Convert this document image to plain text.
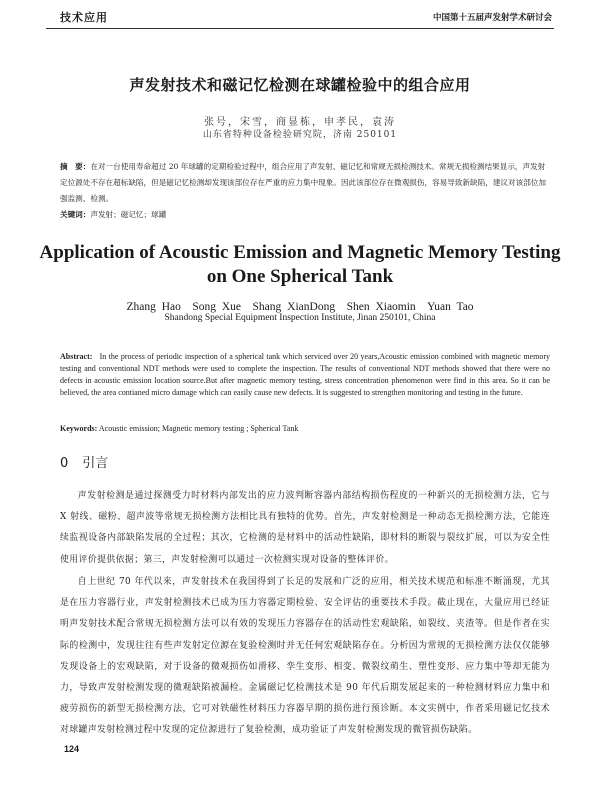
技术应用	中国第十五届声发射学术研讨会
声发射技术和磁记忆检测在球罐检验中的组合应用
张号，宋雪，商显栋，申孝民，袁涛
山东省特种设备检验研究院，济南 250101
摘　要：在对一台使用寿命超过 20 年球罐的定期检验过程中，组合应用了声发射、磁记忆和常规无损检测技术。常规无损检测结果显示，声发射定位源处不存在超标缺陷，但是磁记忆检测却发现该部位存在严重的应力集中现象。因此该部位存在微观损伤，容易导致新缺陷，建议对该部位加强监测、检测。
关键词：声发射；磁记忆；球罐
Application of Acoustic Emission and Magnetic Memory Testing
on One Spherical Tank
Zhang Hao　Song Xue　Shang XianDong　Shen Xiaomin　Yuan Tao
Shandong Special Equipment Inspection Institute, Jinan 250101, China
Abstract: In the process of periodic inspection of a spherical tank which serviced over 20 years,Acoustic emission combined with magnetic memory testing and conventional NDT methods were used to complete the inspection. The results of conventional NDT methods showed that there were no defects in acoustic emission location source.But after magnetic memory testing, stress concentration phenomenon were find in this area. So it can be believed, the area contianed micro damage which can easily cause new defects. It is suggested to strengthen monitoring and testing in the future.
Keywords: Acoustic emission; Magnetic memory testing ; Spherical Tank
0 引言
声发射检测是通过探测受力时材料内部发出的应力波判断容器内部结构损伤程度的一种新兴的无损检测方法，它与 X 射线、磁粉、超声波等常规无损检测方法相比具有独特的优势。首先，声发射检测是一种动态无损检测方法，它能连续监视设备内部缺陷发展的全过程；其次，它检测的是材料中的活动性缺陷，即材料的断裂与裂纹扩展，可以为安全性使用评价提供依据；第三，声发射检测可以通过一次检测实现对设备的整体评价。
自上世纪 70 年代以来，声发射技术在我国得到了长足的发展和广泛的应用，相关技术规范和标准不断涌现，尤其是在压力容器行业，声发射检测技术已成为压力容器定期检验、安全评估的重要技术手段。截止现在，大量应用已经证明声发射技术配合常规无损检测方法可以有效的发现压力容器存在的活动性宏观缺陷，如裂纹、夹渣等。但是作者在实际的检测中，发现往往有些声发射定位源在复验检测时并无任何宏观缺陷存在。分析因为常规的无损检测方法仅仅能够发现设备上的宏观缺陷，对于设备的微观损伤如滑移、孪生变形、相变、微裂纹萌生、塑性变形、应力集中等却无能为力，导致声发射检测发现的微观缺陷被漏检。金属磁记忆检测技术是 90 年代后期发展起来的一种检测材料应力集中和疲劳损伤的新型无损检测方法，它可对铁磁性材料压力容器早期的损伤进行预诊断。本文实例中，作者采用磁记忆技术对球罐声发射检测过程中发现的定位源进行了复验检测，成功验证了声发射检测发现的微管损伤缺陷。
124
